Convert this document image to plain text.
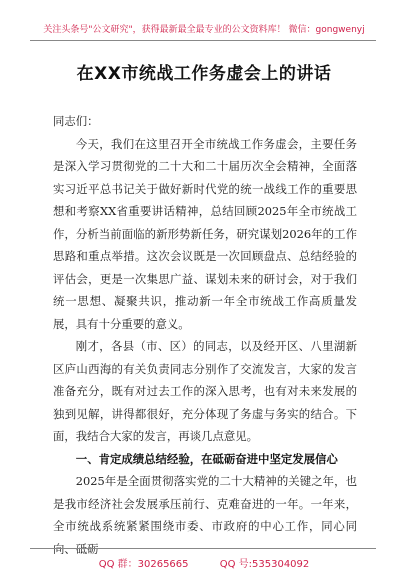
关注头条号"公文研究"，获得最新最全最专业的公文资料库！ 微信：gongwenyj
在XX市统战工作务虚会上的讲话

同志们：

今天，我们在这里召开全市统战工作务虚会，主要任务是深入学习贯彻党的二十大和二十届历次全会精神，全面落实习近平总书记关于做好新时代党的统一战线工作的重要思想和考察XX省重要讲话精神，总结回顾2025年全市统战工作，分析当前面临的新形势新任务，研究谋划2026年的工作思路和重点举措。这次会议既是一次回顾盘点、总结经验的评估会，更是一次集思广益、谋划未来的研讨会，对于我们统一思想、凝聚共识，推动新一年全市统战工作高质量发展，具有十分重要的意义。

刚才，各县（市、区）的同志，以及经开区、八里湖新区庐山西海的有关负责同志分别作了交流发言，大家的发言准备充分，既有对过去工作的深入思考，也有对未来发展的独到见解，讲得都很好，充分体现了务虚与务实的结合。下面，我结合大家的发言，再谈几点意见。

一、肯定成绩总结经验，在砥砺奋进中坚定发展信心

2025年是全面贯彻落实党的二十大精神的关键之年，也是我市经济社会发展承压前行、克难奋进的一年。一年来，全市统战系统紧紧围绕市委、市政府的中心工作，同心同向、砥砺

QQ 群：30265665	QQ 号:535304092
